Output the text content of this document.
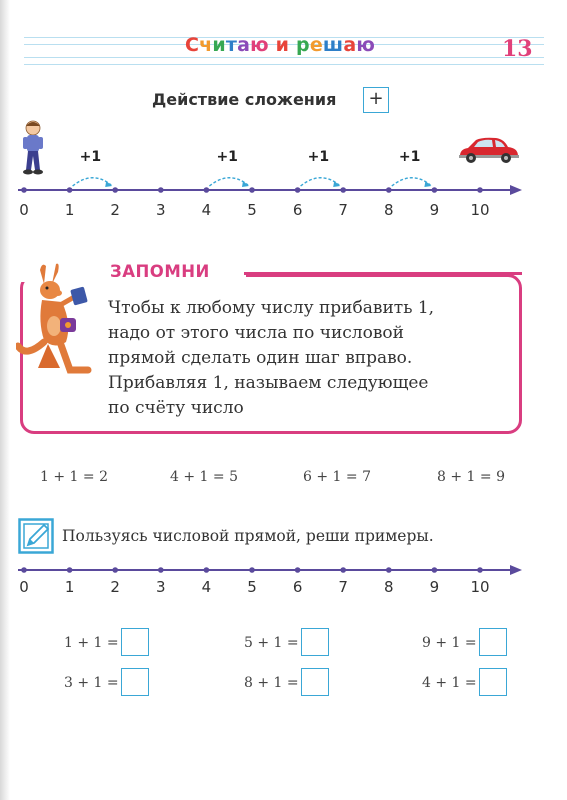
Считаю и решаю	13
Действие сложения	+
0 1 2 3 4 5 6 7 8 9 10
+1	+1	+1	+1
ЗАПОМНИ
Чтобы к любому числу прибавить 1,
надо от этого числа по числовой
прямой сделать один шаг вправо.
Прибавляя 1, называем следующее
по счёту число
1 + 1 = 2	4 + 1 = 5	6 + 1 = 7	8 + 1 = 9
Пользуясь числовой прямой, реши примеры.
0 1 2 3 4 5 6 7 8 9 10
1 + 1 =	5 + 1 =	9 + 1 =
3 + 1 =	8 + 1 =	4 + 1 =
